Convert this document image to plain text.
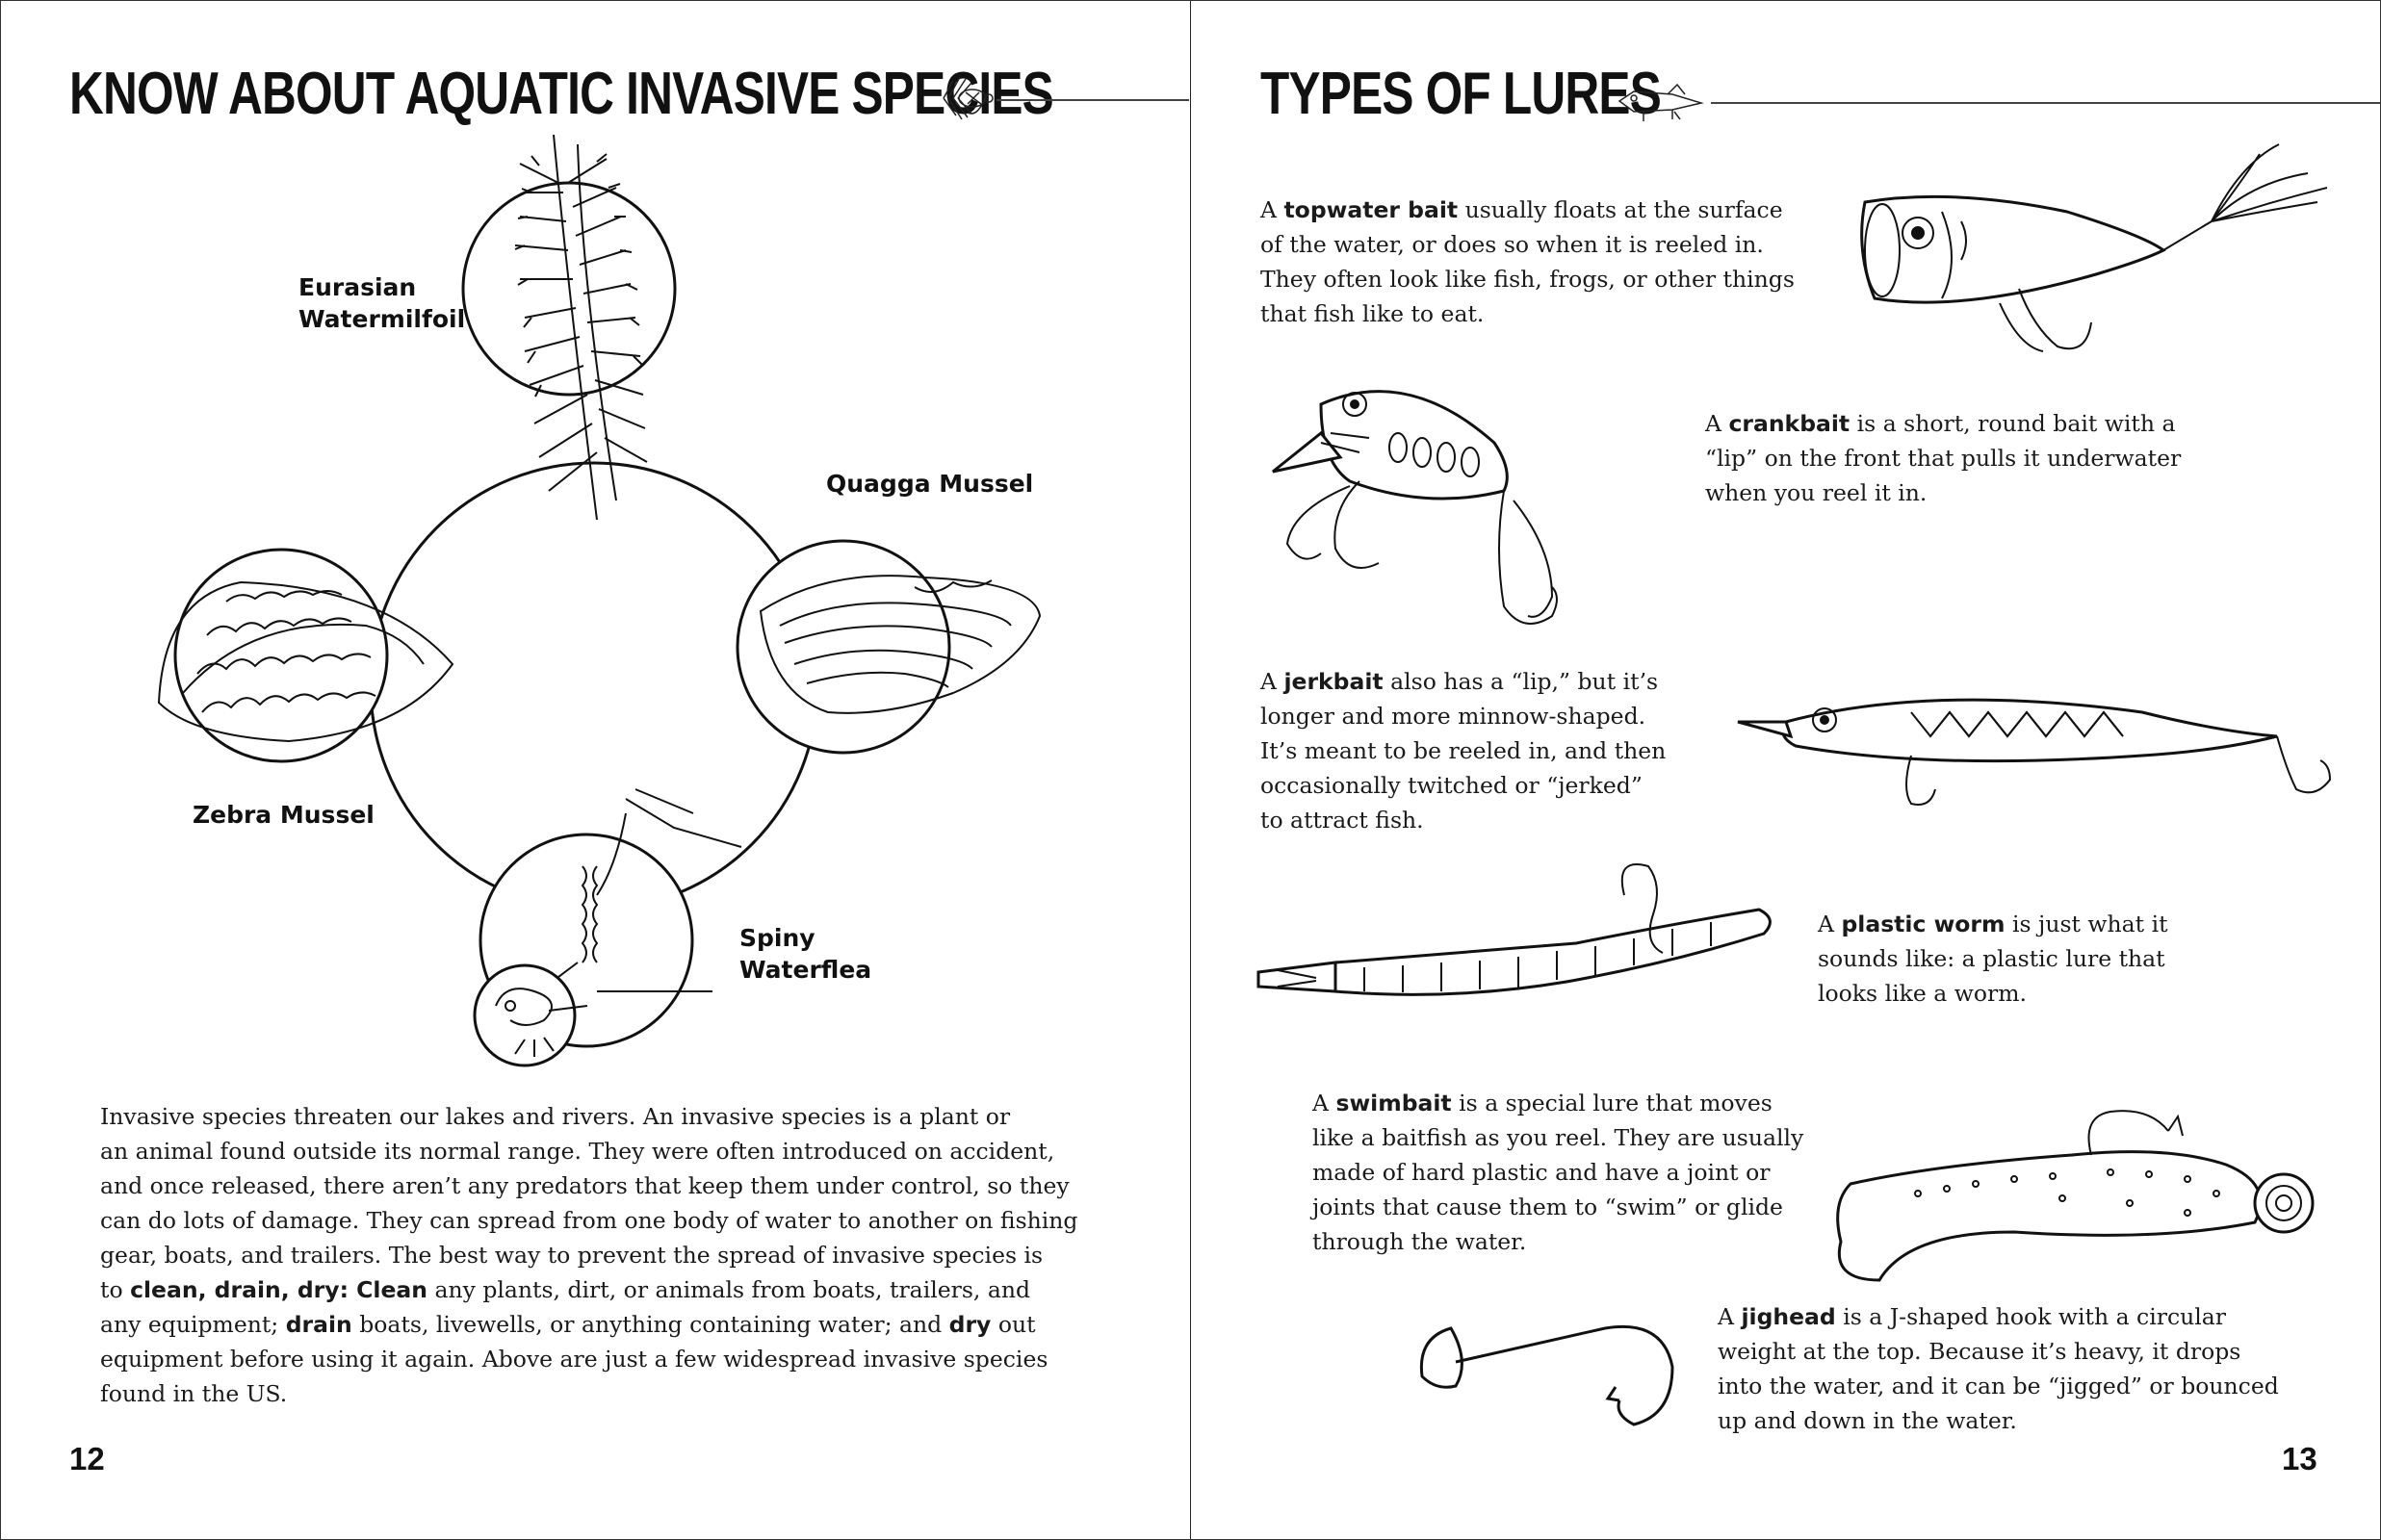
KNOW ABOUT AQUATIC INVASIVE SPECIES
Eurasian
Watermilfoil
Quagga Mussel
Zebra Mussel
Spiny
Waterflea
Invasive species threaten our lakes and rivers. An invasive species is a plant or
an animal found outside its normal range. They were often introduced on accident,
and once released, there aren’t any predators that keep them under control, so they
can do lots of damage. They can spread from one body of water to another on fishing
gear, boats, and trailers. The best way to prevent the spread of invasive species is
to clean, drain, dry: Clean any plants, dirt, or animals from boats, trailers, and
any equipment; drain boats, livewells, or anything containing water; and dry out
equipment before using it again. Above are just a few widespread invasive species
found in the US.
12
TYPES OF LURES
A topwater bait usually floats at the surface
of the water, or does so when it is reeled in.
They often look like fish, frogs, or other things
that fish like to eat.
A crankbait is a short, round bait with a
“lip” on the front that pulls it underwater
when you reel it in.
A jerkbait also has a “lip,” but it’s
longer and more minnow-shaped.
It’s meant to be reeled in, and then
occasionally twitched or “jerked”
to attract fish.
A plastic worm is just what it
sounds like: a plastic lure that
looks like a worm.
A swimbait is a special lure that moves
like a baitfish as you reel. They are usually
made of hard plastic and have a joint or
joints that cause them to “swim” or glide
through the water.
A jighead is a J-shaped hook with a circular
weight at the top. Because it’s heavy, it drops
into the water, and it can be “jigged” or bounced
up and down in the water.
13
